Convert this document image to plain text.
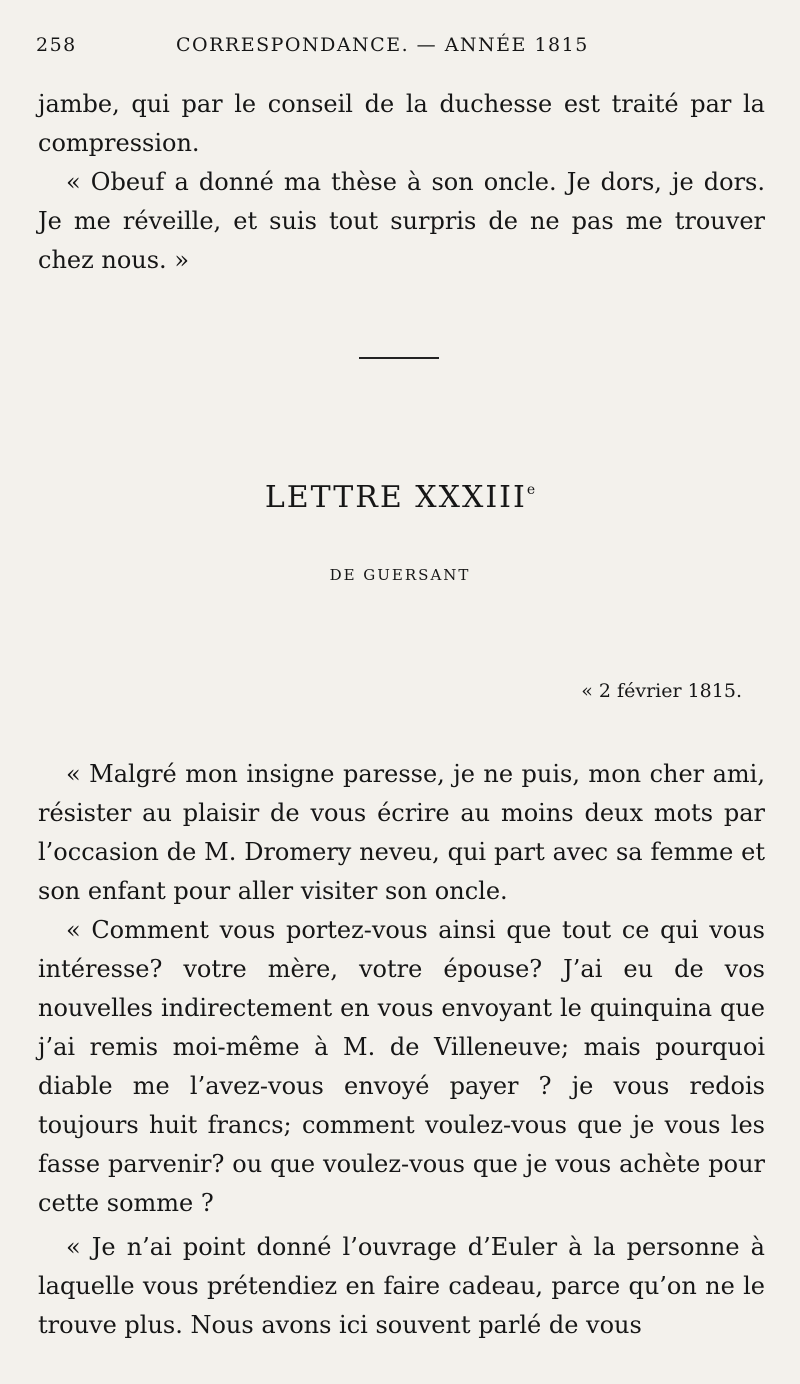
258	CORRESPONDANCE. — ANNÉE 1815
jambe, qui par le conseil de la duchesse est traité par la compression.
« Obeuf a donné ma thèse à son oncle. Je dors, je dors. Je me réveille, et suis tout surpris de ne pas me trouver chez nous. »
LETTRE XXXIIIe
DE GUERSANT
« 2 février 1815.
« Malgré mon insigne paresse, je ne puis, mon cher ami, résister au plaisir de vous écrire au moins deux mots par l’occasion de M. Dromery neveu, qui part avec sa femme et son enfant pour aller visiter son oncle.
« Comment vous portez-vous ainsi que tout ce qui vous intéresse? votre mère, votre épouse? J’ai eu de vos nouvelles indirectement en vous envoyant le quinquina que j’ai remis moi-même à M. de Villeneuve; mais pourquoi diable me l’avez-vous envoyé payer ? je vous redois toujours huit francs; comment voulez-vous que je vous les fasse parvenir? ou que voulez-vous que je vous achète pour cette somme ?
« Je n’ai point donné l’ouvrage d’Euler à la personne à laquelle vous prétendiez en faire cadeau, parce qu’on ne le trouve plus. Nous avons ici souvent parlé de vous
